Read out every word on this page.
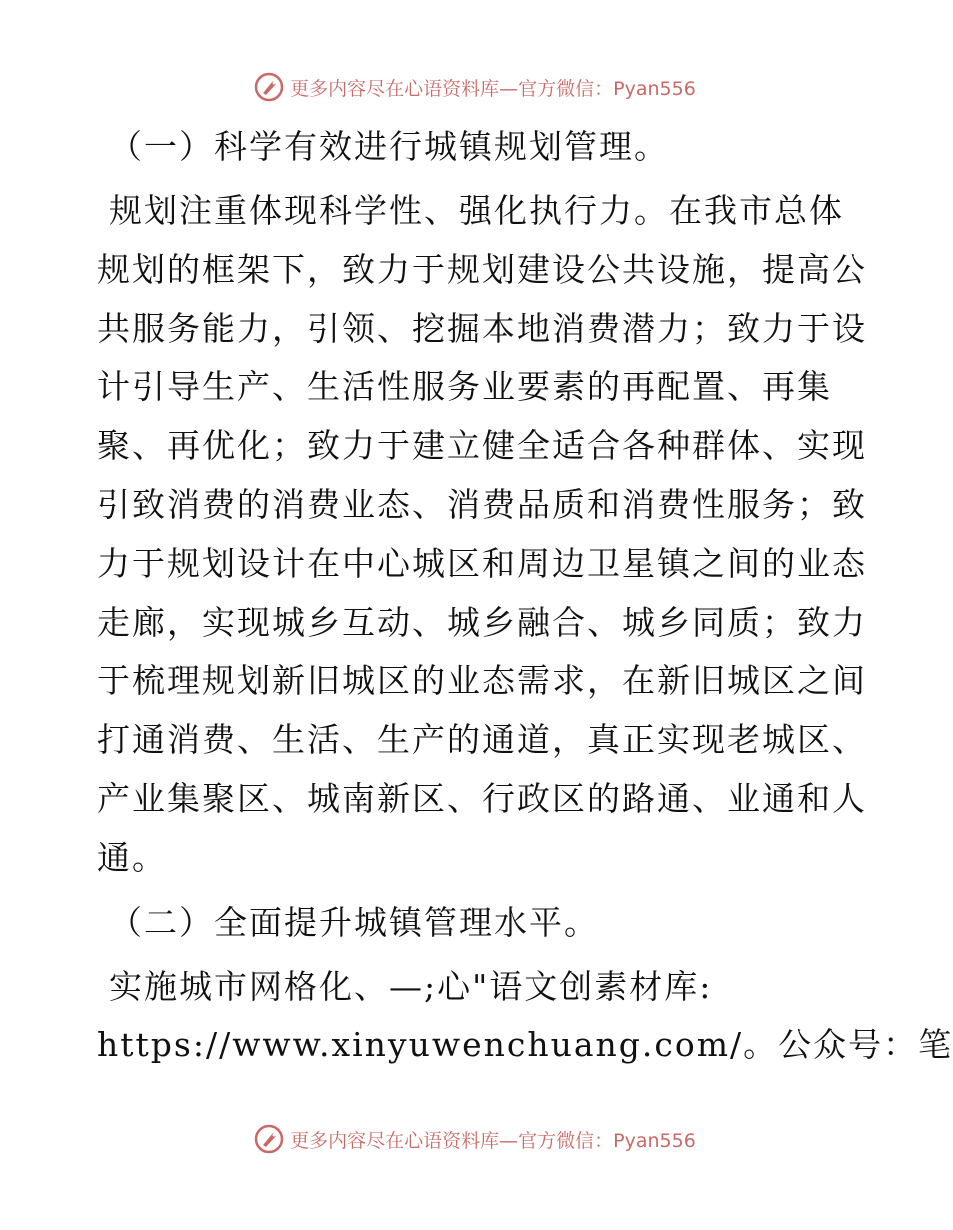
更多内容尽在心语资料库—官方微信：Pyan556
（一）科学有效进行城镇规划管理。
规划注重体现科学性、强化执行力。在我市总体
规划的框架下，致力于规划建设公共设施，提高公
共服务能力，引领、挖掘本地消费潜力；致力于设
计引导生产、生活性服务业要素的再配置、再集
聚、再优化；致力于建立健全适合各种群体、实现
引致消费的消费业态、消费品质和消费性服务；致
力于规划设计在中心城区和周边卫星镇之间的业态
走廊，实现城乡互动、城乡融合、城乡同质；致力
于梳理规划新旧城区的业态需求，在新旧城区之间
打通消费、生活、生产的通道，真正实现老城区、
产业集聚区、城南新区、行政区的路通、业通和人
通。
（二）全面提升城镇管理水平。
实施城市网格化、—;心"语文创素材库:
https://www.xinyuwenchuang.com/。公众号：笔
更多内容尽在心语资料库—官方微信：Pyan556
